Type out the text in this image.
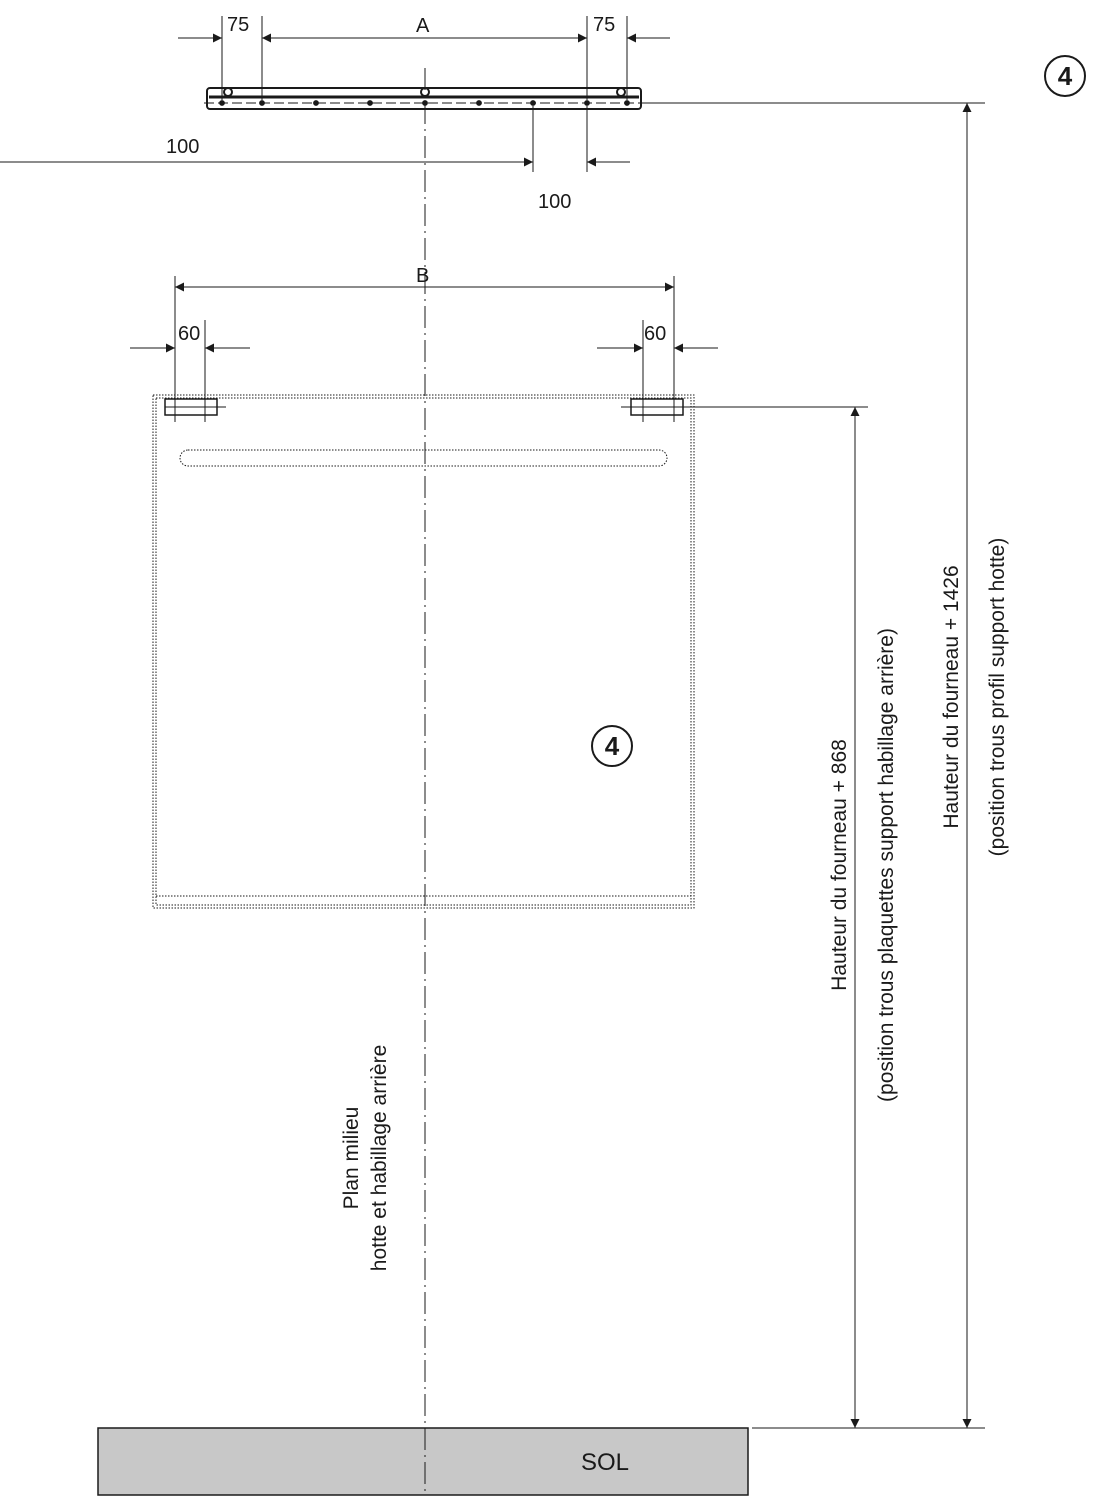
75	A	75
100
100
4
B
60	60
4	Hauteur du fourneau + 868 (position trous plaquettes support habillage arrière) Hauteur du fourneau + 1426 (position trous profil support hotte)
Plan milieu hotte et habillage arrière
SOL
